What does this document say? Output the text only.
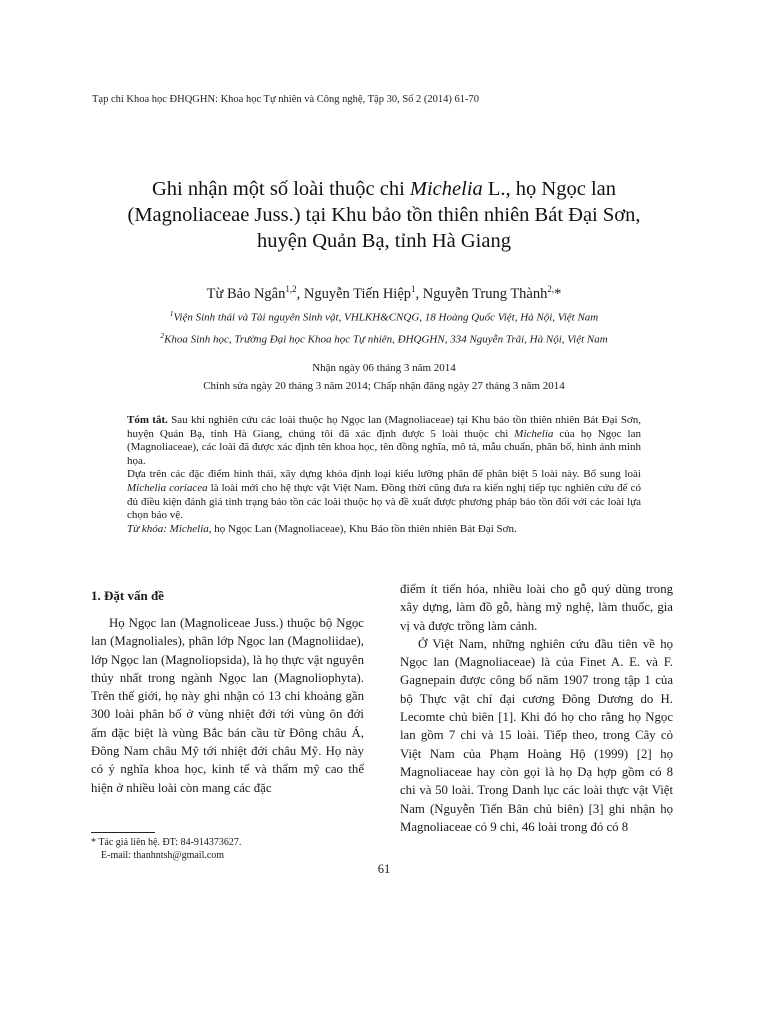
Tạp chí Khoa học ĐHQGHN: Khoa học Tự nhiên và Công nghệ, Tập 30, Số 2 (2014) 61-70
Ghi nhận một số loài thuộc chi Michelia L., họ Ngọc lan
(Magnoliaceae Juss.) tại Khu bảo tồn thiên nhiên Bát Đại Sơn,
huyện Quản Bạ, tỉnh Hà Giang
Từ Bảo Ngân$^{1,2}$, Nguyễn Tiến Hiệp$^1$, Nguyễn Trung Thành$^{2,}$*
$^1$Viện Sinh thái và Tài nguyên Sinh vật, VHLKH&CNQG, 18 Hoàng Quốc Việt, Hà Nội, Việt Nam
$^2$Khoa Sinh học, Trường Đại học Khoa học Tự nhiên, ĐHQGHN, 334 Nguyễn Trãi, Hà Nội, Việt Nam
Nhận ngày 06 tháng 3 năm 2014
Chỉnh sửa ngày 20 tháng 3 năm 2014; Chấp nhận đăng ngày 27 tháng 3 năm 2014

Tóm tắt. Sau khi nghiên cứu các loài thuộc họ Ngọc lan (Magnoliaceae) tại Khu bảo tồn thiên nhiên Bát Đại Sơn, huyện Quản Bạ, tỉnh Hà Giang, chúng tôi đã xác định được 5 loài thuộc chi Michelia của họ Ngọc lan (Magnoliaceae), các loài đã được xác định tên khoa học, tên đồng nghĩa, mô tả, mẫu chuẩn, phân bố, hình ảnh minh họa.

Dựa trên các đặc điểm hình thái, xây dựng khóa định loại kiểu lưỡng phân để phân biệt 5 loài này. Bổ sung loài Michelia coriacea là loài mới cho hệ thực vật Việt Nam. Đồng thời cũng đưa ra kiến nghị tiếp tục nghiên cứu để có đủ điều kiện đánh giá tình trạng bảo tồn các loài thuộc họ và đề xuất được phương pháp bảo tồn đối với các loài lựa chọn bảo vệ.

Từ khóa: Michelia, họ Ngọc Lan (Magnoliaceae), Khu Bảo tồn thiên nhiên Bát Đại Sơn.

1. Đặt vấn đề

Họ Ngọc lan (Magnoliceae Juss.) thuộc bộ Ngọc lan (Magnoliales), phân lớp Ngọc lan (Magnoliidae), lớp Ngọc lan (Magnoliopsida), là họ thực vật nguyên thủy nhất trong ngành Ngọc lan (Magnoliophyta). Trên thế giới, họ này ghi nhận có 13 chi khoảng gần 300 loài phân bố ở vùng nhiệt đới tới vùng ôn đới ấm đặc biệt là vùng Bắc bán cầu từ Đông châu Á, Đông Nam châu Mỹ tới nhiệt đới châu Mỹ. Họ này có ý nghĩa khoa học, kinh tế và thẩm mỹ cao thể hiện ở nhiều loài còn mang các đặc

điểm ít tiến hóa, nhiều loài cho gỗ quý dùng trong xây dựng, làm đồ gỗ, hàng mỹ nghệ, làm thuốc, gia vị và được trồng làm cảnh.

Ở Việt Nam, những nghiên cứu đầu tiên về họ Ngọc lan (Magnoliaceae) là của Finet A. E. và F. Gagnepain được công bố năm 1907 trong tập 1 của bộ Thực vật chí đại cương Đông Dương do H. Lecomte chủ biên [1]. Khi đó họ cho rằng họ Ngọc lan gồm 7 chi và 15 loài. Tiếp theo, trong Cây cỏ Việt Nam của Phạm Hoàng Hộ (1999) [2] họ Magnoliaceae hay còn gọi là họ Dạ hợp gồm có 8 chi và 50 loài. Trong Danh lục các loài thực vật Việt Nam (Nguyễn Tiến Bân chủ biên) [3] ghi nhận họ Magnoliaceae có 9 chi, 46 loài trong đó có 8

* Tác giả liên hệ. ĐT: 84-914373627.
E-mail: thanhntsh@gmail.com
61
